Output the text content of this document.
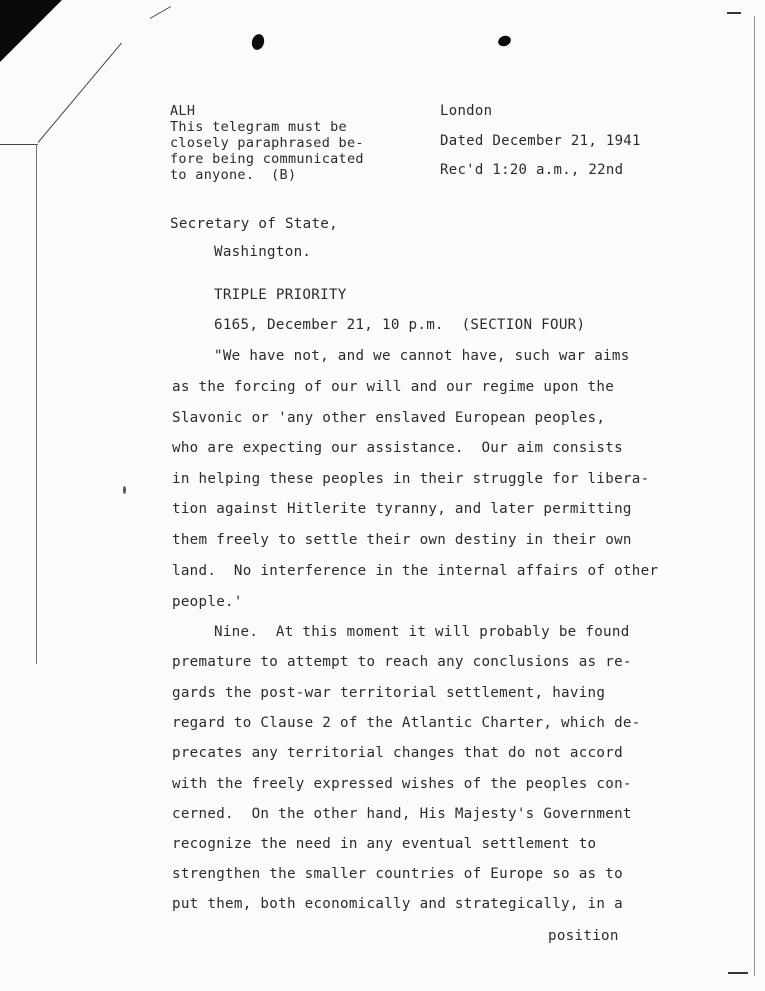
ALH
This telegram must be
closely paraphrased be-
fore being communicated
to anyone.  (B)
London
Dated December 21, 1941
Rec'd 1:20 a.m., 22nd
Secretary of State,
Washington.
TRIPLE PRIORITY
6165, December 21, 10 p.m.  (SECTION FOUR)
"We have not, and we cannot have, such war aims
as the forcing of our will and our regime upon the
Slavonic or 'any other enslaved European peoples,
who are expecting our assistance.  Our aim consists
in helping these peoples in their struggle for libera-
tion against Hitlerite tyranny, and later permitting
them freely to settle their own destiny in their own
land.  No interference in the internal affairs of other
people.'
Nine.  At this moment it will probably be found
premature to attempt to reach any conclusions as re-
gards the post-war territorial settlement, having
regard to Clause 2 of the Atlantic Charter, which de-
precates any territorial changes that do not accord
with the freely expressed wishes of the peoples con-
cerned.  On the other hand, His Majesty's Government
recognize the need in any eventual settlement to
strengthen the smaller countries of Europe so as to
put them, both economically and strategically, in a
position
